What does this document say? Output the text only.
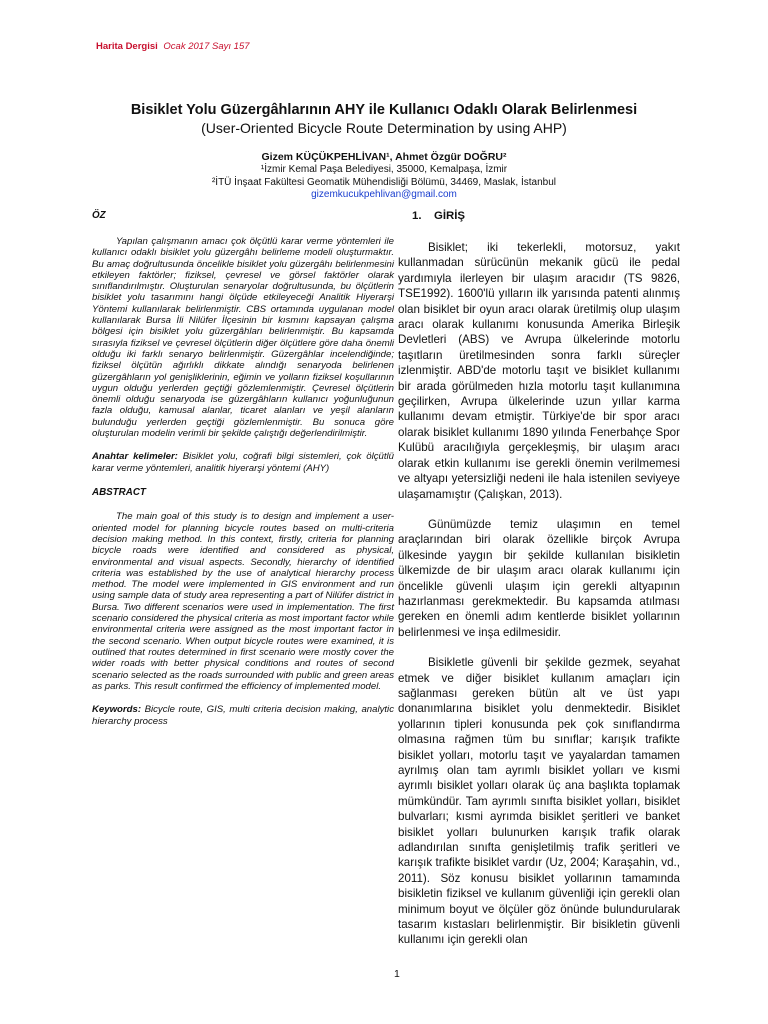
Harita Dergisi Ocak 2017 Sayı 157
Bisiklet Yolu Güzergâhlarının AHY ile Kullanıcı Odaklı Olarak Belirlenmesi
(User-Oriented Bicycle Route Determination by using AHP)
Gizem KÜÇÜKPEHLİVAN¹, Ahmet Özgür DOĞRU²
¹İzmir Kemal Paşa Belediyesi, 35000, Kemalpaşa, İzmir
²İTÜ İnşaat Fakültesi Geomatik Mühendisliği Bölümü, 34469, Maslak, İstanbul
gizemkucukpehlivan@gmail.com

ÖZ

Yapılan çalışmanın amacı çok ölçütlü karar verme yöntemleri ile kullanıcı odaklı bisiklet yolu güzergâhı belirleme modeli oluşturmaktır. Bu amaç doğrultusunda öncelikle bisiklet yolu güzergâhı belirlenmesini etkileyen faktörler; fiziksel, çevresel ve görsel faktörler olarak sınıflandırılmıştır. Oluşturulan senaryolar doğrultusunda, bu ölçütlerin bisiklet yolu tasarımını hangi ölçüde etkileyeceği Analitik Hiyerarşi Yöntemi kullanılarak belirlenmiştir. CBS ortamında uygulanan model kullanılarak Bursa İli Nilüfer İlçesinin bir kısmını kapsayan çalışma bölgesi için bisiklet yolu güzergâhları belirlenmiştir. Bu kapsamda sırasıyla fiziksel ve çevresel ölçütlerin diğer ölçütlere göre daha önemli olduğu iki farklı senaryo belirlenmiştir. Güzergâhlar incelendiğinde; fiziksel ölçütün ağırlıklı dikkate alındığı senaryoda belirlenen güzergâhların yol genişliklerinin, eğimin ve yolların fiziksel koşullarının uygun olduğu yerlerden geçtiği gözlemlenmiştir. Çevresel ölçütlerin önemli olduğu senaryoda ise güzergâhların kullanıcı yoğunluğunun fazla olduğu, kamusal alanlar, ticaret alanları ve yeşil alanların bulunduğu yerlerden geçtiği gözlemlenmiştir. Bu sonuca göre oluşturulan modelin verimli bir şekilde çalıştığı değerlendirilmiştir.

Anahtar kelimeler: Bisiklet yolu, coğrafi bilgi sistemleri, çok ölçütlü karar verme yöntemleri, analitik hiyerarşi yöntemi (AHY)

ABSTRACT

The main goal of this study is to design and implement a user-oriented model for planning bicycle routes based on multi-criteria decision making method. In this context, firstly, criteria for planning bicycle roads were identified and considered as physical, environmental and visual aspects. Secondly, hierarchy of identified criteria was established by the use of analytical hierarchy process method. The model were implemented in GIS environment and run using sample data of study area representing a part of Nilüfer district in Bursa. Two different scenarios were used in implementation. The first scenario considered the physical criteria as most important factor while environmental criteria were assigned as the most important factor in the second scenario. When output bicycle routes were examined, it is outlined that routes determined in first scenario were mostly cover the wider roads with better physical conditions and routes of second scenario selected as the roads surrounded with public and green areas as parks. This result confirmed the efficiency of implemented model.

Keywords: Bicycle route, GIS, multi criteria decision making, analytic hierarchy process

1. GİRİŞ

Bisiklet; iki tekerlekli, motorsuz, yakıt kullanmadan sürücünün mekanik gücü ile pedal yardımıyla ilerleyen bir ulaşım aracıdır (TS 9826, TSE1992). 1600'lü yılların ilk yarısında patenti alınmış olan bisiklet bir oyun aracı olarak üretilmiş olup ulaşım aracı olarak kullanımı konusunda Amerika Birleşik Devletleri (ABS) ve Avrupa ülkelerinde motorlu taşıtların üretilmesinden sonra farklı süreçler izlenmiştir. ABD'de motorlu taşıt ve bisiklet kullanımı bir arada görülmeden hızla motorlu taşıt kullanımına geçilirken, Avrupa ülkelerinde uzun yıllar karma kullanımı devam etmiştir. Türkiye'de bir spor aracı olarak bisiklet kullanımı 1890 yılında Fenerbahçe Spor Kulübü aracılığıyla gerçekleşmiş, bir ulaşım aracı olarak etkin kullanımı ise gerekli önemin verilmemesi ve altyapı yetersizliği nedeni ile hala istenilen seviyeye ulaşamamıştır (Çalışkan, 2013).

Günümüzde temiz ulaşımın en temel araçlarından biri olarak özellikle birçok Avrupa ülkesinde yaygın bir şekilde kullanılan bisikletin ülkemizde de bir ulaşım aracı olarak kullanımı için öncelikle güvenli ulaşım için gerekli altyapının hazırlanması gerekmektedir. Bu kapsamda atılması gereken en önemli adım kentlerde bisiklet yollarının belirlenmesi ve inşa edilmesidir.

Bisikletle güvenli bir şekilde gezmek, seyahat etmek ve diğer bisiklet kullanım amaçları için sağlanması gereken bütün alt ve üst yapı donanımlarına bisiklet yolu denmektedir. Bisiklet yollarının tipleri konusunda pek çok sınıflandırma olmasına rağmen tüm bu sınıflar; karışık trafikte bisiklet yolları, motorlu taşıt ve yayalardan tamamen ayrılmış olan tam ayrımlı bisiklet yolları ve kısmi ayrımlı bisiklet yolları olarak üç ana başlıkta toplamak mümkündür. Tam ayrımlı sınıfta bisiklet yolları, bisiklet bulvarları; kısmi ayrımda bisiklet şeritleri ve banket bisiklet yolları bulunurken karışık trafik olarak adlandırılan sınıfta genişletilmiş trafik şeritleri ve karışık trafikte bisiklet vardır (Uz, 2004; Karaşahin, vd., 2011). Söz konusu bisiklet yollarının tamamında bisikletin fiziksel ve kullanım güvenliği için gerekli olan minimum boyut ve ölçüler göz önünde bulundurularak tasarım kıstasları belirlenmiştir. Bir bisikletin güvenli kullanımı için gerekli olan

1
